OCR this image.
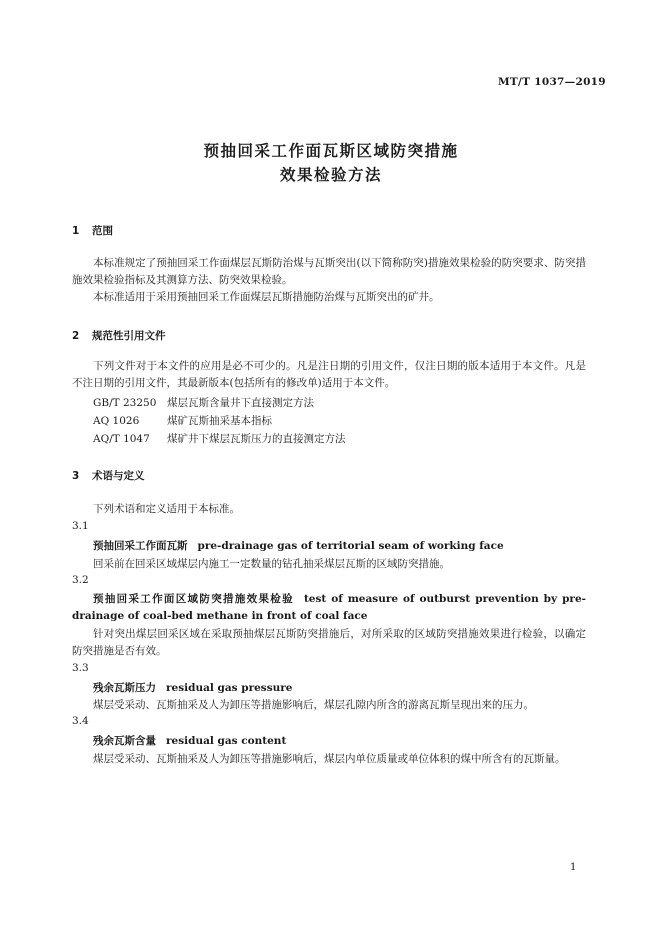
MT/T 1037—2019
预抽回采工作面瓦斯区域防突措施
效果检验方法
1 范围
本标准规定了预抽回采工作面煤层瓦斯防治煤与瓦斯突出(以下简称防突)措施效果检验的防突要求、防突措施效果检验指标及其测算方法、防突效果检验。
本标准适用于采用预抽回采工作面煤层瓦斯措施防治煤与瓦斯突出的矿井。
2 规范性引用文件
下列文件对于本文件的应用是必不可少的。凡是注日期的引用文件，仅注日期的版本适用于本文件。凡是不注日期的引用文件，其最新版本(包括所有的修改单)适用于本文件。
GB/T 23250 煤层瓦斯含量井下直接测定方法
AQ 1026	煤矿瓦斯抽采基本指标
AQ/T 1047 煤矿井下煤层瓦斯压力的直接测定方法
3 术语与定义
下列术语和定义适用于本标准。
3.1
预抽回采工作面瓦斯 pre-drainage gas of territorial seam of working face
回采前在回采区域煤层内施工一定数量的钻孔抽采煤层瓦斯的区域防突措施。
3.2
预抽回采工作面区域防突措施效果检验 test of measure of outburst prevention by pre-drainage of coal-bed methane in front of coal face
针对突出煤层回采区域在采取预抽煤层瓦斯防突措施后，对所采取的区域防突措施效果进行检验，以确定防突措施是否有效。
3.3
残余瓦斯压力 residual gas pressure
煤层受采动、瓦斯抽采及人为卸压等措施影响后，煤层孔隙内所含的游离瓦斯呈现出来的压力。
3.4
残余瓦斯含量 residual gas content
煤层受采动、瓦斯抽采及人为卸压等措施影响后，煤层内单位质量或单位体积的煤中所含有的瓦斯量。
1
